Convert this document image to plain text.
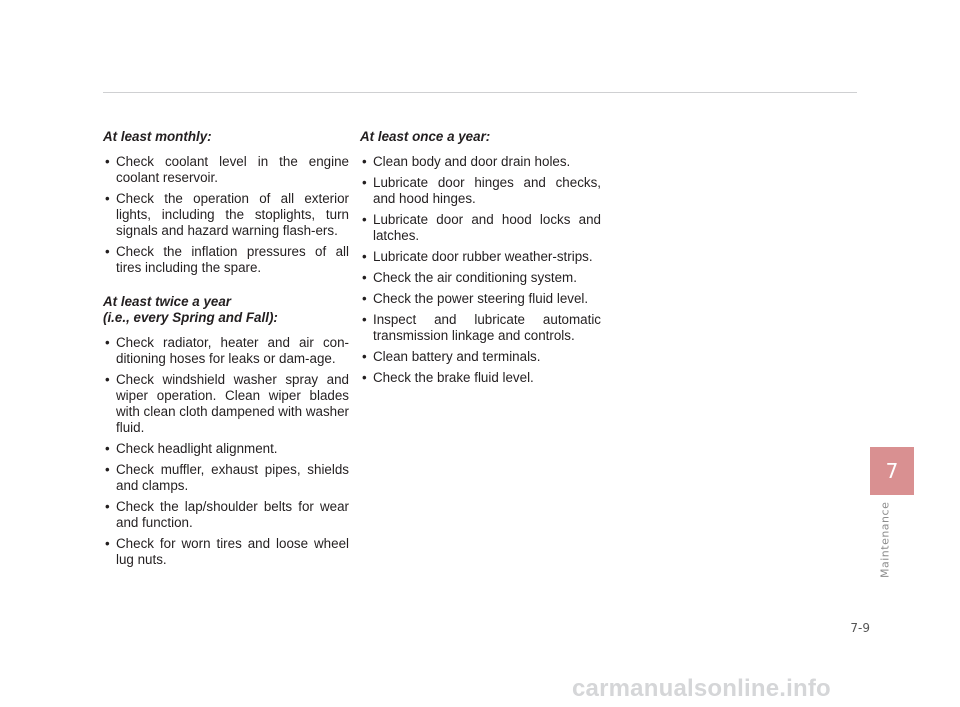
At least monthly:
• Check coolant level in the engine coolant reservoir.
• Check the operation of all exterior lights, including the stoplights, turn signals and hazard warning flash-ers.
• Check the inflation pressures of all tires including the spare.
At least twice a year
(i.e., every Spring and Fall):
• Check radiator, heater and air con-ditioning hoses for leaks or dam-age.
• Check windshield washer spray and wiper operation. Clean wiper blades with clean cloth dampened with washer fluid.
• Check headlight alignment.
• Check muffler, exhaust pipes, shields and clamps.
• Check the lap/shoulder belts for wear and function.
• Check for worn tires and loose wheel lug nuts.
At least once a year:
• Clean body and door drain holes.
• Lubricate door hinges and checks, and hood hinges.
• Lubricate door and hood locks and latches.
• Lubricate door rubber weather-strips.
• Check the air conditioning system.
• Check the power steering fluid level.
• Inspect and lubricate automatic transmission linkage and controls.
• Clean battery and terminals.
• Check the brake fluid level.
7
Maintenance
7-9
carmanualsonline.info
